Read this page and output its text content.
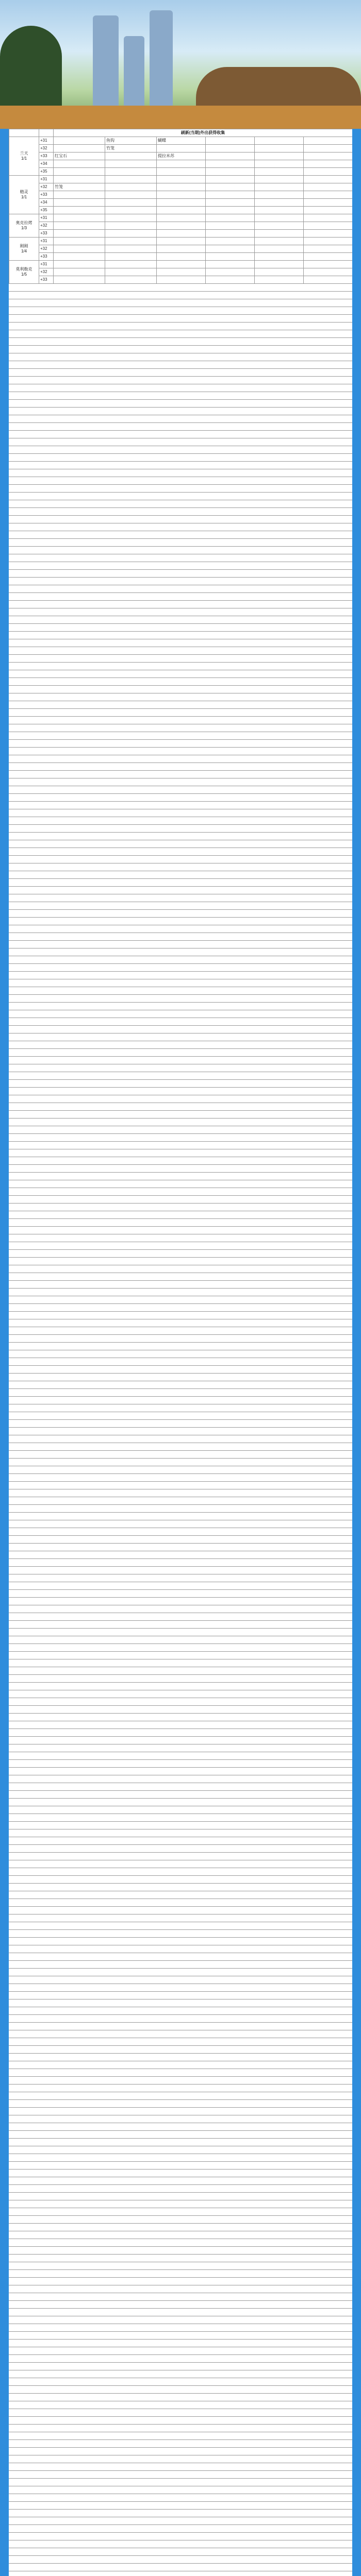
		刷新(当期)外出获得收集					
兰天
1/1	+31		鱼钩	蝴蝶			
	+32		竹笼				
	+33	红宝石		提拉米苏			
	+34						
	+35						
精灵
1/1	+31						
	+32	竹笼					
	+33						
	+34						
	+35						
奥克拉烤
1/3	+31						
	+32						
	+33						
刚刚
1/4	+31						
	+32						
	+33						
莫利勒克
1/5	+31						
	+32						
	+33						
